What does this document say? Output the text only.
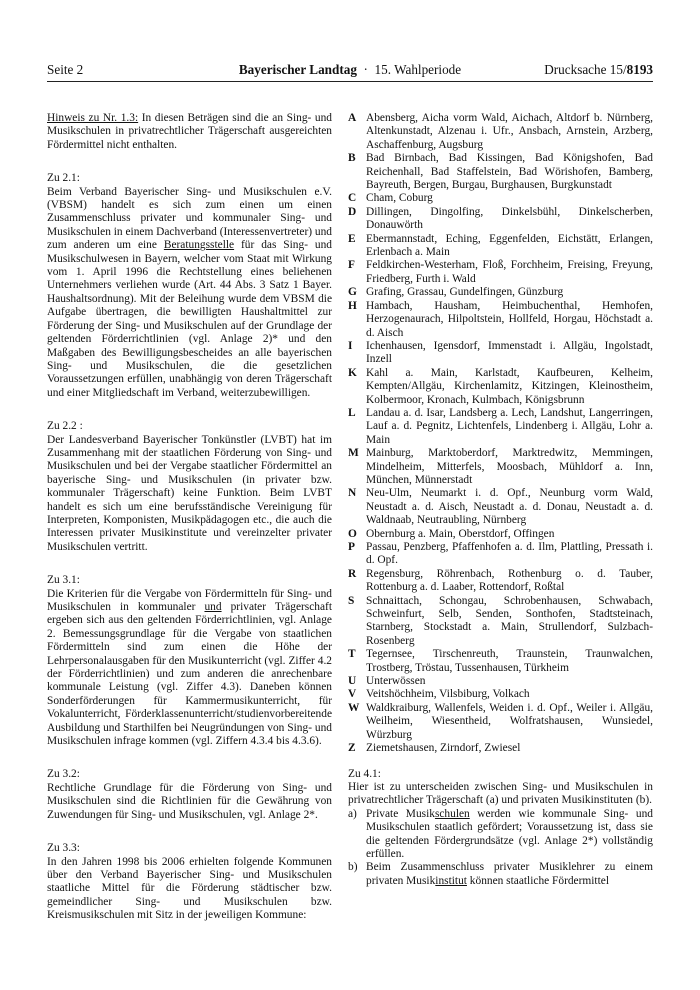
Seite 2	Bayerischer Landtag · 15. Wahlperiode	Drucksache 15/8193

Hinweis zu Nr. 1.3: In diesen Beträgen sind die an Sing- und Musikschulen in privatrechtlicher Trägerschaft ausgereichten Fördermittel nicht enthalten.

Zu 2.1:
Beim Verband Bayerischer Sing- und Musikschulen e.V. (VBSM) handelt es sich zum einen um einen Zusammenschluss privater und kommunaler Sing- und Musikschulen in einem Dachverband (Interessenvertreter) und zum anderen um eine Beratungsstelle für das Sing- und Musikschulwesen in Bayern, welcher vom Staat mit Wirkung vom 1. April 1996 die Rechtstellung eines beliehenen Unternehmers verliehen wurde (Art. 44 Abs. 3 Satz 1 Bayer. Haushaltsordnung). Mit der Beleihung wurde dem VBSM die Aufgabe übertragen, die bewilligten Haushaltmittel zur Förderung der Sing- und Musikschulen auf der Grundlage der geltenden Förderrichtlinien (vgl. Anlage 2)* und den Maßgaben des Bewilligungsbescheides an alle bayerischen Sing- und Musikschulen, die die gesetzlichen Voraussetzungen erfüllen, unabhängig von deren Trägerschaft und einer Mitgliedschaft im Verband, weiterzubewilligen.

Zu 2.2 :
Der Landesverband Bayerischer Tonkünstler (LVBT) hat im Zusammenhang mit der staatlichen Förderung von Sing- und Musikschulen und bei der Vergabe staatlicher Fördermittel an bayerische Sing- und Musikschulen (in privater bzw. kommunaler Trägerschaft) keine Funktion. Beim LVBT handelt es sich um eine berufsständische Vereinigung für Interpreten, Komponisten, Musikpädagogen etc., die auch die Interessen privater Musikinstitute und vereinzelter privater Musikschulen vertritt.

Zu 3.1:
Die Kriterien für die Vergabe von Fördermitteln für Sing- und Musikschulen in kommunaler und privater Trägerschaft ergeben sich aus den geltenden Förderrichtlinien, vgl. Anlage 2. Bemessungsgrundlage für die Vergabe von staatlichen Fördermitteln sind zum einen die Höhe der Lehrpersonalausgaben für den Musikunterricht (vgl. Ziffer 4.2 der Förderrichtlinien) und zum anderen die anrechenbare kommunale Leistung (vgl. Ziffer 4.3). Daneben können Sonderförderungen für Kammermusikunterricht, für Vokalunterricht, Förderklassenunterricht/studienvorbereitende Ausbildung und Starthilfen bei Neugründungen von Sing- und Musikschulen infrage kommen (vgl. Ziffern 4.3.4 bis 4.3.6).

Zu 3.2:
Rechtliche Grundlage für die Förderung von Sing- und Musikschulen sind die Richtlinien für die Gewährung von Zuwendungen für Sing- und Musikschulen, vgl. Anlage 2*.

Zu 3.3:
In den Jahren 1998 bis 2006 erhielten folgende Kommunen über den Verband Bayerischer Sing- und Musikschulen staatliche Mittel für die Förderung städtischer bzw. gemeindlicher Sing- und Musikschulen bzw. Kreismusikschulen mit Sitz in der jeweiligen Kommune:

A Abensberg, Aicha vorm Wald, Aichach, Altdorf b. Nürnberg, Altenkunstadt, Alzenau i. Ufr., Ansbach, Arnstein, Arzberg, Aschaffenburg, Augsburg
B Bad Birnbach, Bad Kissingen, Bad Königshofen, Bad Reichenhall, Bad Staffelstein, Bad Wörishofen, Bamberg, Bayreuth, Bergen, Burgau, Burghausen, Burgkunstadt
C Cham, Coburg
D Dillingen, Dingolfing, Dinkelsbühl, Dinkelscherben, Donauwörth
E Ebermannstadt, Eching, Eggenfelden, Eichstätt, Erlangen, Erlenbach a. Main
F Feldkirchen-Westerham, Floß, Forchheim, Freising, Freyung, Friedberg, Furth i. Wald
G Grafing, Grassau, Gundelfingen, Günzburg
H Hambach, Hausham, Heimbuchenthal, Hemhofen, Herzogenaurach, Hilpoltstein, Hollfeld, Horgau, Höchstadt a. d. Aisch
I	Ichenhausen, Igensdorf, Immenstadt i. Allgäu, Ingolstadt, Inzell
K Kahl a. Main, Karlstadt, Kaufbeuren, Kelheim, Kempten/Allgäu, Kirchenlamitz, Kitzingen, Kleinostheim, Kolbermoor, Kronach, Kulmbach, Königsbrunn
L Landau a. d. Isar, Landsberg a. Lech, Landshut, Langerringen, Lauf a. d. Pegnitz, Lichtenfels, Lindenberg i. Allgäu, Lohr a. Main
M Mainburg, Marktoberdorf, Marktredwitz, Memmingen, Mindelheim, Mitterfels, Moosbach, Mühldorf a. Inn, München, Münnerstadt
N Neu-Ulm, Neumarkt i. d. Opf., Neunburg vorm Wald, Neustadt a. d. Aisch, Neustadt a. d. Donau, Neustadt a. d. Waldnaab, Neutraubling, Nürnberg
O Obernburg a. Main, Oberstdorf, Offingen
P Passau, Penzberg, Pfaffenhofen a. d. Ilm, Plattling, Pressath i. d. Opf.
R Regensburg, Röhrenbach, Rothenburg o. d. Tauber, Rottenburg a. d. Laaber, Rottendorf, Roßtal
S	Schnaittach, Schongau, Schrobenhausen, Schwabach, Schweinfurt, Selb, Senden, Sonthofen, Stadtsteinach, Starnberg, Stockstadt a. Main, Strullendorf, Sulzbach-Rosenberg
T Tegernsee, Tirschenreuth, Traunstein, Traunwalchen, Trostberg, Tröstau, Tussenhausen, Türkheim
U Unterwössen
V Veitshöchheim, Vilsbiburg, Volkach
W Waldkraiburg, Wallenfels, Weiden i. d. Opf., Weiler i. Allgäu, Weilheim, Wiesentheid, Wolfratshausen, Wunsiedel, Würzburg
Z Ziemetshausen, Zirndorf, Zwiesel

Zu 4.1:

Hier ist zu unterscheiden zwischen Sing- und Musikschulen in privatrechtlicher Trägerschaft (a) und privaten Musikinstituten (b).

a) Private Musikschulen werden wie kommunale Sing- und Musikschulen staatlich gefördert; Voraussetzung ist, dass sie die geltenden Fördergrundsätze (vgl. Anlage 2*) vollständig erfüllen.
b) Beim Zusammenschluss privater Musiklehrer zu einem privaten Musikinstitut können staatliche Fördermittel
